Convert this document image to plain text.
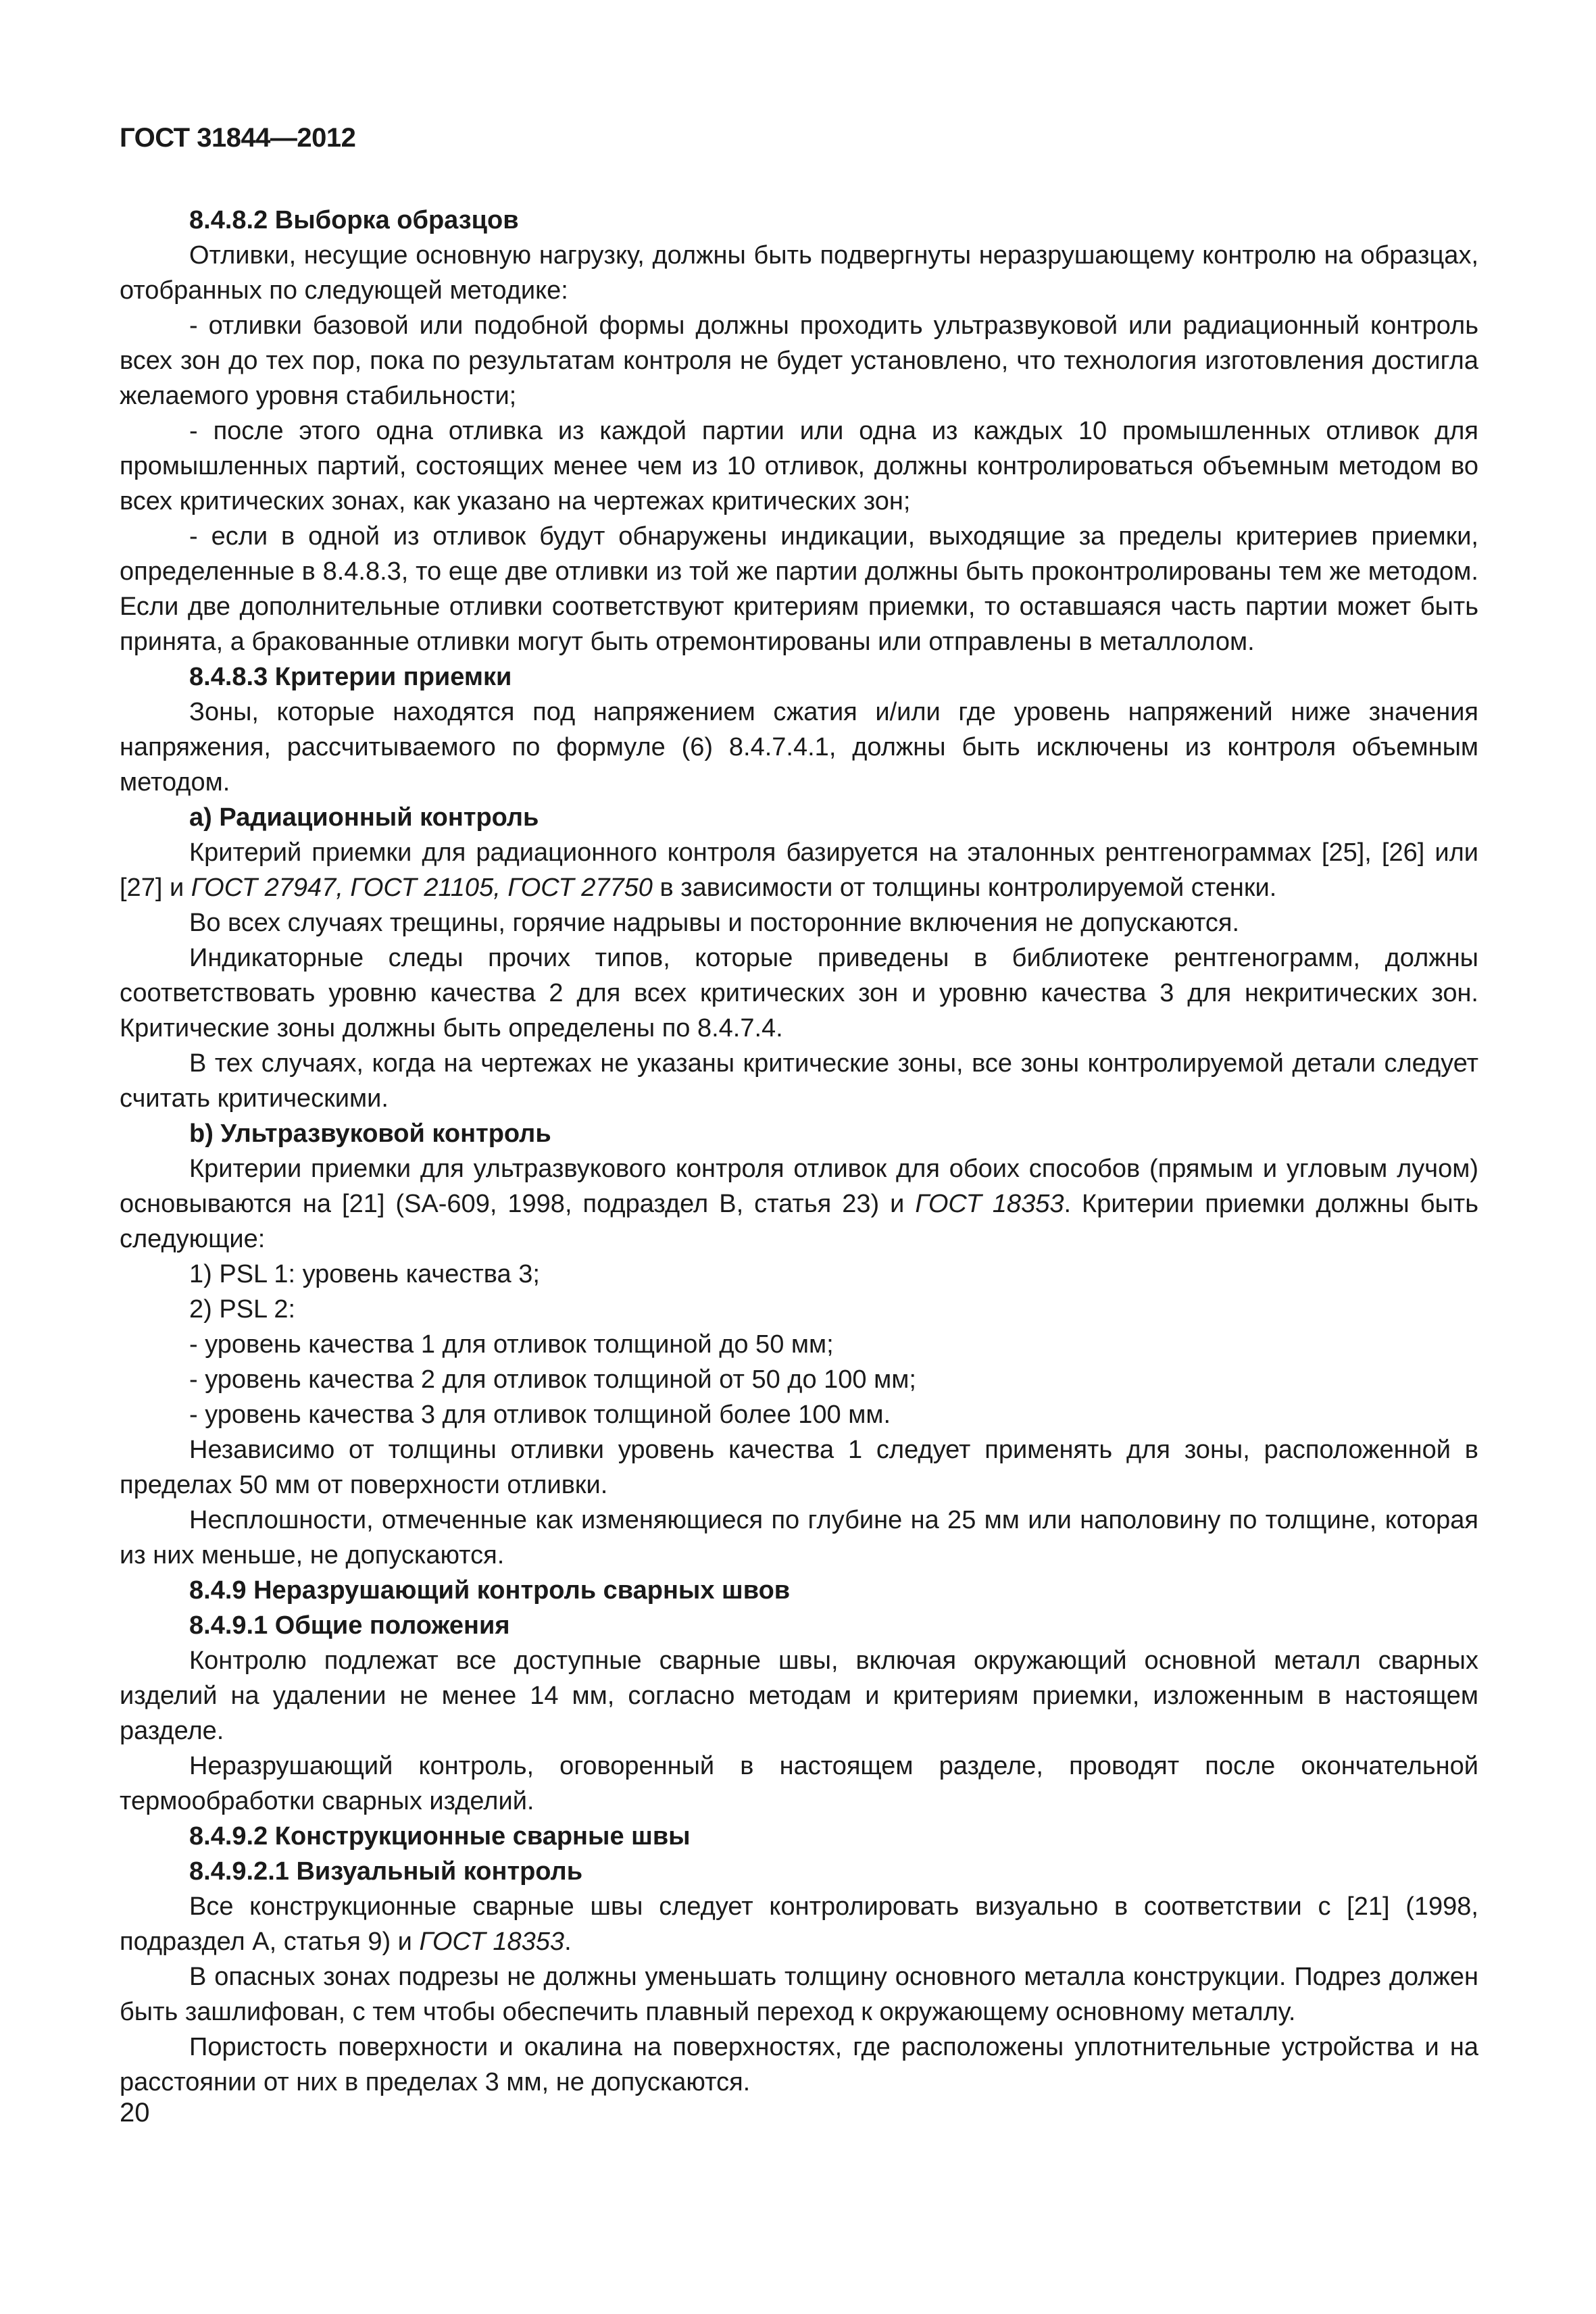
ГОСТ 31844—2012

8.4.8.2 Выборка образцов

Отливки, несущие основную нагрузку, должны быть подвергнуты неразрушающему контролю на образцах, отобранных по следующей методике:

- отливки базовой или подобной формы должны проходить ультразвуковой или радиационный контроль всех зон до тех пор, пока по результатам контроля не будет установлено, что технология изготовления достигла желаемого уровня стабильности;

- после этого одна отливка из каждой партии или одна из каждых 10 промышленных отливок для промышленных партий, состоящих менее чем из 10 отливок, должны контролироваться объемным методом во всех критических зонах, как указано на чертежах критических зон;

- если в одной из отливок будут обнаружены индикации, выходящие за пределы критериев приемки, определенные в 8.4.8.3, то еще две отливки из той же партии должны быть проконтролированы тем же методом. Если две дополнительные отливки соответствуют критериям приемки, то оставшаяся часть партии может быть принята, а бракованные отливки могут быть отремонтированы или отправлены в металлолом.

8.4.8.3 Критерии приемки

Зоны, которые находятся под напряжением сжатия и/или где уровень напряжений ниже значения напряжения, рассчитываемого по формуле (6) 8.4.7.4.1, должны быть исключены из контроля объемным методом.

a) Радиационный контроль

Критерий приемки для радиационного контроля базируется на эталонных рентгенограммах [25], [26] или [27] и ГОСТ 27947, ГОСТ 21105, ГОСТ 27750 в зависимости от толщины контролируемой стенки.

Во всех случаях трещины, горячие надрывы и посторонние включения не допускаются.

Индикаторные следы прочих типов, которые приведены в библиотеке рентгенограмм, должны соответствовать уровню качества 2 для всех критических зон и уровню качества 3 для некритических зон. Критические зоны должны быть определены по 8.4.7.4.

В тех случаях, когда на чертежах не указаны критические зоны, все зоны контролируемой детали следует считать критическими.

b) Ультразвуковой контроль

Критерии приемки для ультразвукового контроля отливок для обоих способов (прямым и угловым лучом) основываются на [21] (SA-609, 1998, подраздел В, статья 23) и ГОСТ 18353. Критерии приемки должны быть следующие:

1) PSL 1: уровень качества 3;

2) PSL 2:

- уровень качества 1 для отливок толщиной до 50 мм;

- уровень качества 2 для отливок толщиной от 50 до 100 мм;

- уровень качества 3 для отливок толщиной более 100 мм.

Независимо от толщины отливки уровень качества 1 следует применять для зоны, расположенной в пределах 50 мм от поверхности отливки.

Несплошности, отмеченные как изменяющиеся по глубине на 25 мм или наполовину по толщине, которая из них меньше, не допускаются.

8.4.9 Неразрушающий контроль сварных швов

8.4.9.1 Общие положения

Контролю подлежат все доступные сварные швы, включая окружающий основной металл сварных изделий на удалении не менее 14 мм, согласно методам и критериям приемки, изложенным в настоящем разделе.

Неразрушающий контроль, оговоренный в настоящем разделе, проводят после окончательной термообработки сварных изделий.

8.4.9.2 Конструкционные сварные швы

8.4.9.2.1 Визуальный контроль

Все конструкционные сварные швы следует контролировать визуально в соответствии с [21] (1998, подраздел А, статья 9) и ГОСТ 18353.

В опасных зонах подрезы не должны уменьшать толщину основного металла конструкции. Подрез должен быть зашлифован, с тем чтобы обеспечить плавный переход к окружающему основному металлу.

Пористость поверхности и окалина на поверхностях, где расположены уплотнительные устройства и на расстоянии от них в пределах 3 мм, не допускаются.

20
